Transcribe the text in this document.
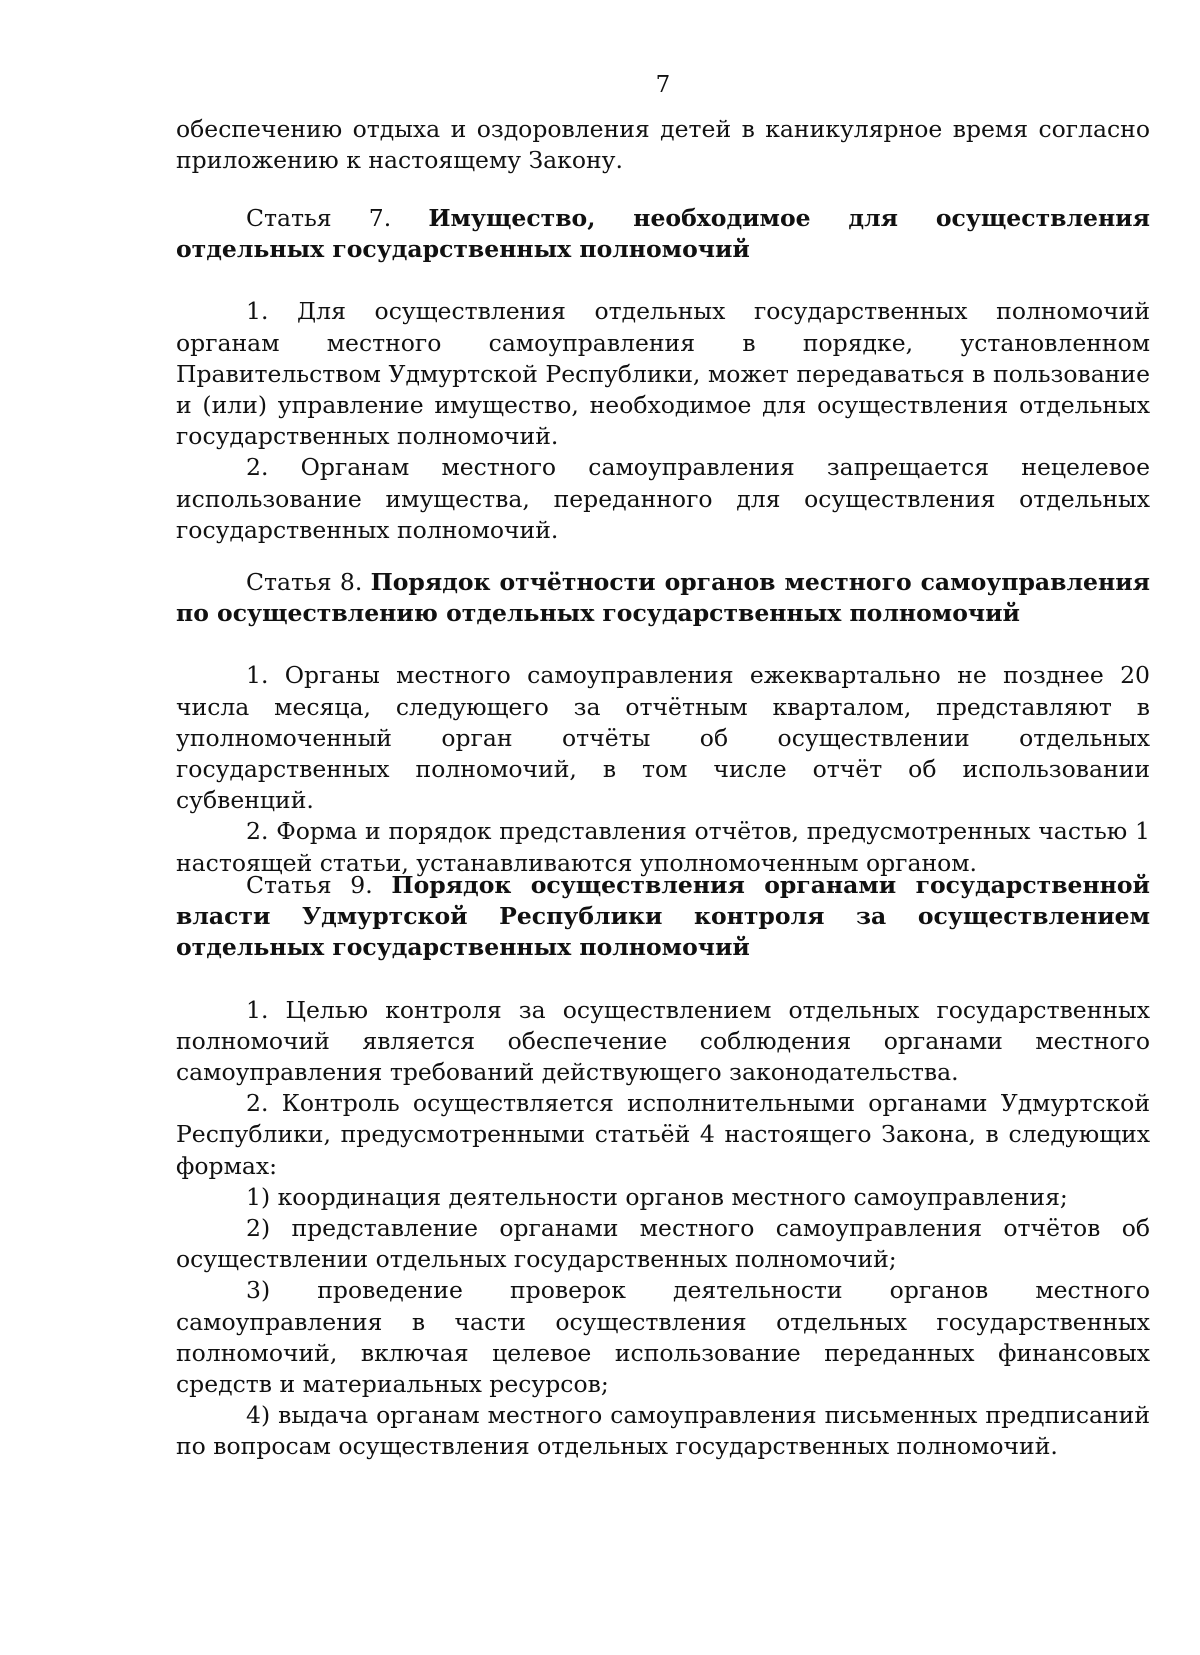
7

обеспечению отдыха и оздоровления детей в каникулярное время согласно приложению к настоящему Закону.

Статья 7. Имущество, необходимое для осуществления отдельных государственных полномочий

1. Для осуществления отдельных государственных полномочий органам местного самоуправления в порядке, установленном Правительством Удмуртской Республики, может передаваться в пользование и (или) управление имущество, необходимое для осуществления отдельных государственных полномочий.

2. Органам местного самоуправления запрещается нецелевое использование имущества, переданного для осуществления отдельных государственных полномочий.

Статья 8. Порядок отчётности органов местного самоуправления по осуществлению отдельных государственных полномочий

1. Органы местного самоуправления ежеквартально не позднее 20 числа месяца, следующего за отчётным кварталом, представляют в уполномоченный орган отчёты об осуществлении отдельных государственных полномочий, в том числе отчёт об использовании субвенций.

2. Форма и порядок представления отчётов, предусмотренных частью 1 настоящей статьи, устанавливаются уполномоченным органом.

Статья 9. Порядок осуществления органами государственной власти Удмуртской Республики контроля за осуществлением отдельных государственных полномочий

1. Целью контроля за осуществлением отдельных государственных полномочий является обеспечение соблюдения органами местного самоуправления требований действующего законодательства.

2. Контроль осуществляется исполнительными органами Удмуртской Республики, предусмотренными статьёй 4 настоящего Закона, в следующих формах:

1) координация деятельности органов местного самоуправления;

2) представление органами местного самоуправления отчётов об осуществлении отдельных государственных полномочий;

3) проведение проверок деятельности органов местного самоуправления в части осуществления отдельных государственных полномочий, включая целевое использование переданных финансовых средств и материальных ресурсов;

4) выдача органам местного самоуправления письменных предписаний по вопросам осуществления отдельных государственных полномочий.
